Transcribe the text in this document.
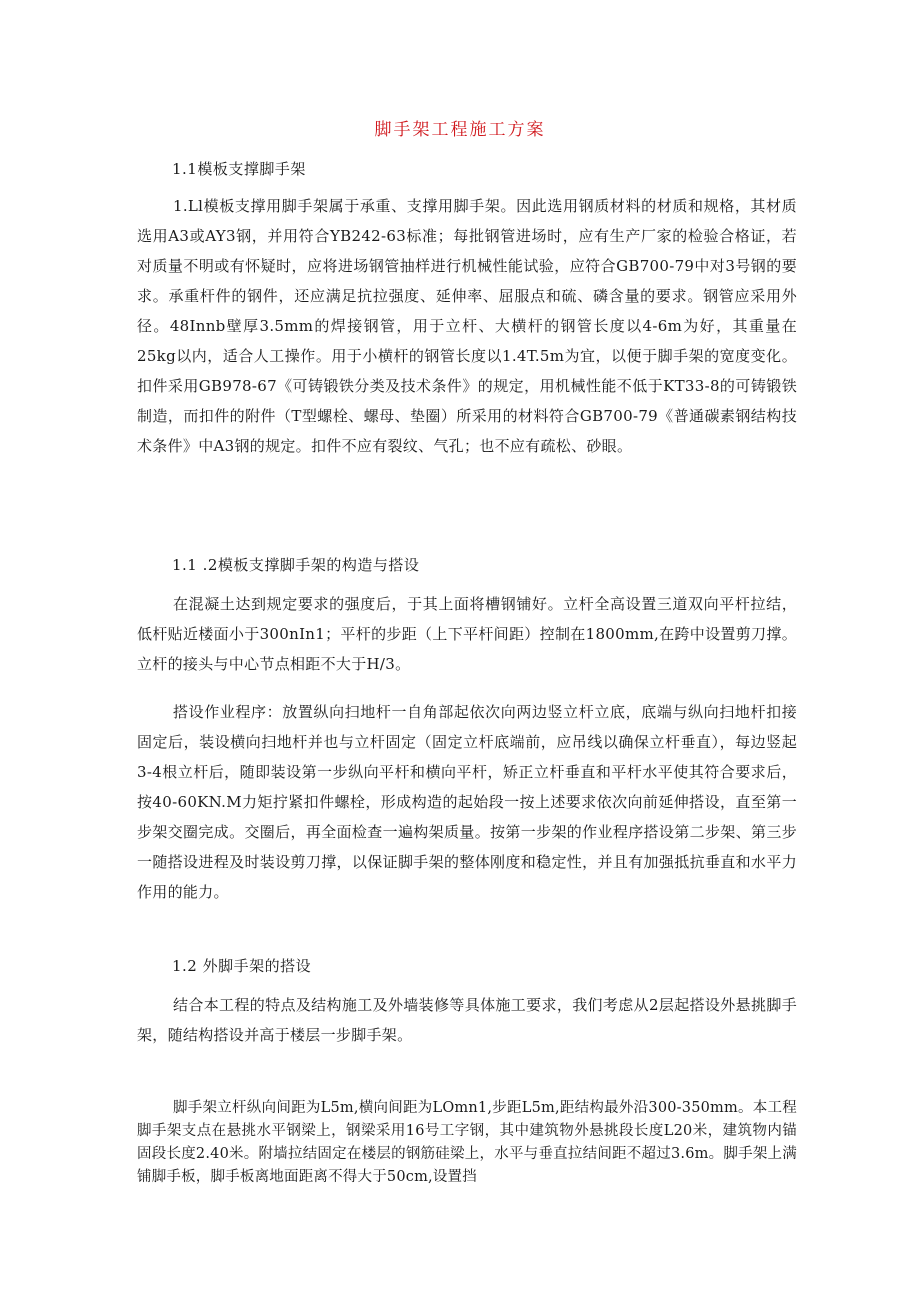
脚手架工程施工方案
1.1模板支撑脚手架
1.Ll模板支撑用脚手架属于承重、支撑用脚手架。因此选用钢质材料的材质和规格，其材质选用A3或AY3钢，并用符合YB242-63标准；每批钢管进场时，应有生产厂家的检验合格证，若对质量不明或有怀疑时，应将进场钢管抽样进行机械性能试验，应符合GB700-79中对3号钢的要求。承重杆件的钢件，还应满足抗拉强度、延伸率、屈服点和硫、磷含量的要求。钢管应采用外径。48Innb壁厚3.5mm的焊接钢管，用于立杆、大横杆的钢管长度以4-6m为好，其重量在25kg以内，适合人工操作。用于小横杆的钢管长度以1.4T.5m为宜，以便于脚手架的宽度变化。扣件采用GB978-67《可铸锻铁分类及技术条件》的规定，用机械性能不低于KT33-8的可铸锻铁制造，而扣件的附件（T型螺栓、螺母、垫圈）所采用的材料符合GB700-79《普通碳素钢结构技术条件》中A3钢的规定。扣件不应有裂纹、气孔；也不应有疏松、砂眼。
1.1 .2模板支撑脚手架的构造与搭设
在混凝土达到规定要求的强度后，于其上面将槽钢铺好。立杆全高设置三道双向平杆拉结，低杆贴近楼面小于300nIn1；平杆的步距（上下平杆间距）控制在1800mm,在跨中设置剪刀撑。立杆的接头与中心节点相距不大于H/3。
搭设作业程序：放置纵向扫地杆一自角部起依次向两边竖立杆立底，底端与纵向扫地杆扣接固定后，装设横向扫地杆并也与立杆固定（固定立杆底端前，应吊线以确保立杆垂直），每边竖起3-4根立杆后，随即装设第一步纵向平杆和横向平杆，矫正立杆垂直和平杆水平使其符合要求后，按40-60KN.M力矩拧紧扣件螺栓，形成构造的起始段一按上述要求依次向前延伸搭设，直至第一步架交圈完成。交圈后，再全面检查一遍构架质量。按第一步架的作业程序搭设第二步架、第三步一随搭设进程及时装设剪刀撑，以保证脚手架的整体刚度和稳定性，并且有加强抵抗垂直和水平力作用的能力。
1.2 外脚手架的搭设
结合本工程的特点及结构施工及外墙装修等具体施工要求，我们考虑从2层起搭设外悬挑脚手架，随结构搭设并高于楼层一步脚手架。
脚手架立杆纵向间距为L5m,横向间距为LOmn1,步距L5m,距结构最外沿300-350mm。本工程脚手架支点在悬挑水平钢梁上，钢梁采用16号工字钢，其中建筑物外悬挑段长度L20米，建筑物内锚固段长度2.40米。附墙拉结固定在楼层的钢筋硅梁上，水平与垂直拉结间距不超过3.6m。脚手架上满铺脚手板，脚手板离地面距离不得大于50cm,设置挡
